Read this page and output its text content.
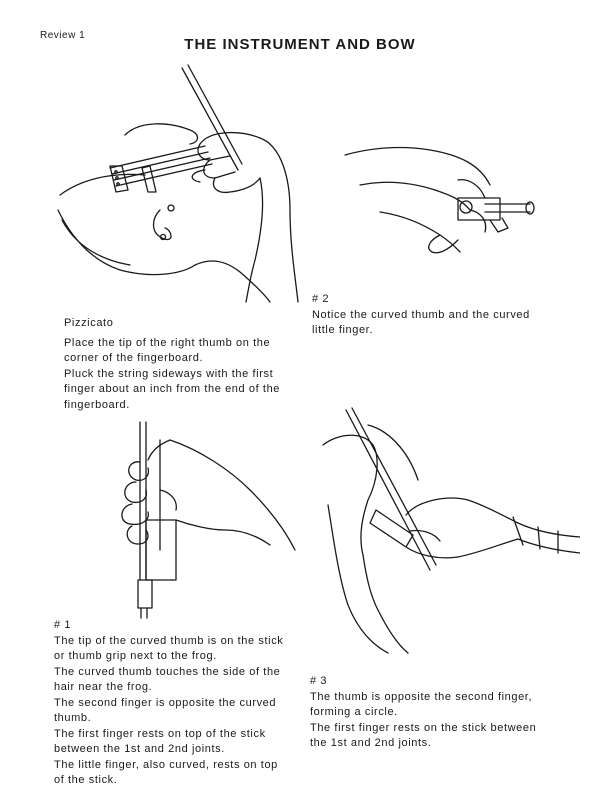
Review 1
THE INSTRUMENT AND BOW

Pizzicato

Place the tip of the right thumb on the

corner of the fingerboard.

Pluck the string sideways with the first

finger about an inch from the end of the

fingerboard.

# 2

Notice the curved thumb and the curved

little finger.

# 1

The tip of the curved thumb is on the stick

or thumb grip next to the frog.

The curved thumb touches the side of the

hair near the frog.

The second finger is opposite the curved

thumb.

The first finger rests on top of the stick

between the 1st and 2nd joints.

The little finger, also curved, rests on top

of the stick.

# 3

The thumb is opposite the second finger,

forming a circle.

The first finger rests on the stick between

the 1st and 2nd joints.
